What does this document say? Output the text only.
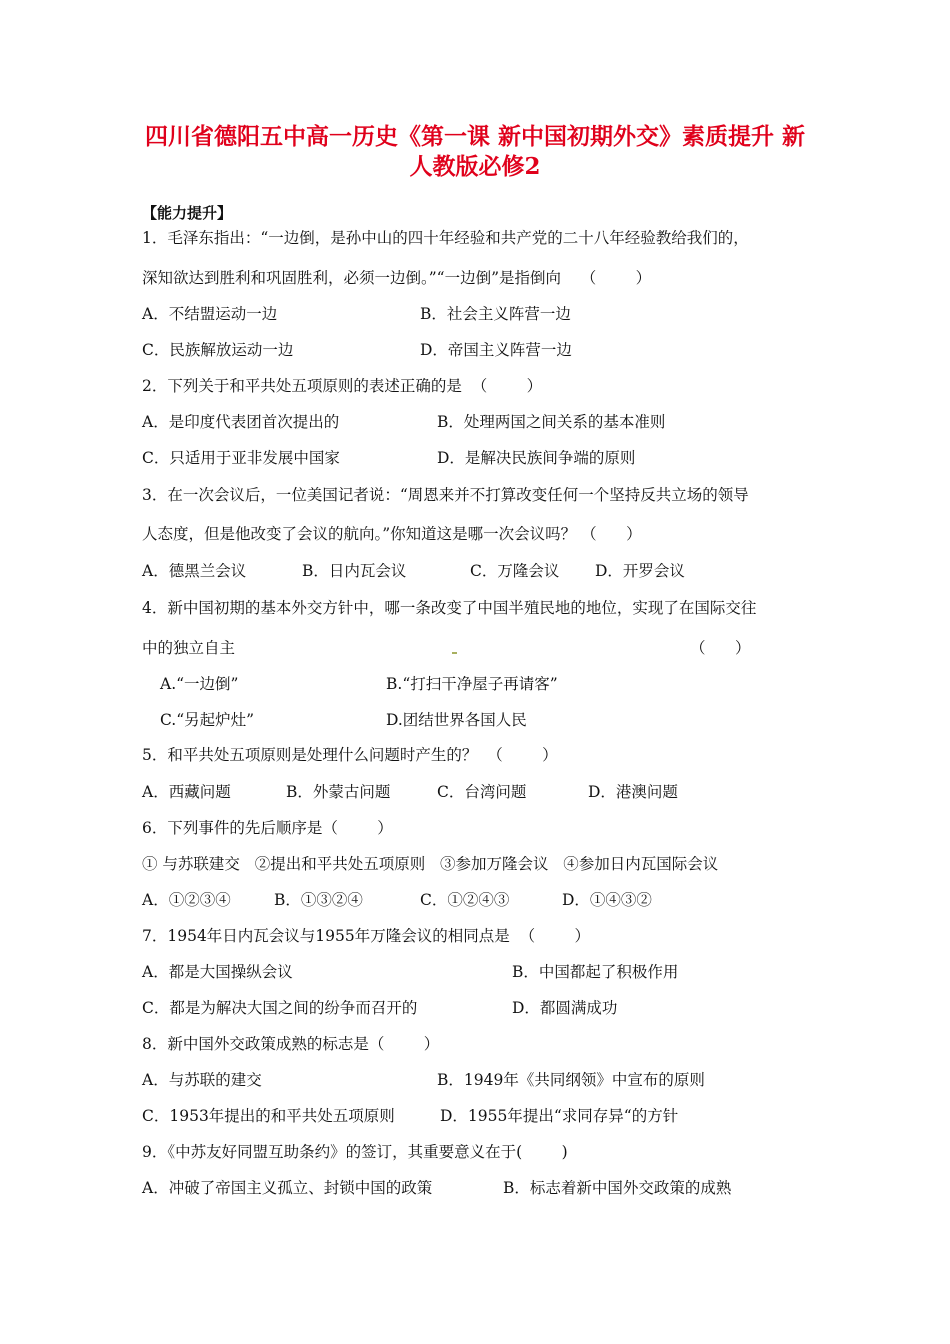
四川省德阳五中高一历史《第一课 新中国初期外交》素质提升 新
人教版必修2
【能力提升】
1．毛泽东指出：“一边倒，是孙中山的四十年经验和共产党的二十八年经验教给我们的，
深知欲达到胜利和巩固胜利，必须一边倒。”“一边倒”是指倒向    （        ）
A．不结盟运动一边	B．社会主义阵营一边
C．民族解放运动一边	D．帝国主义阵营一边
2．下列关于和平共处五项原则的表述正确的是  （        ）
A．是印度代表团首次提出的	B．处理两国之间关系的基本准则
C．只适用于亚非发展中国家	D．是解决民族间争端的原则
3．在一次会议后，一位美国记者说：“周恩来并不打算改变任何一个坚持反共立场的领导
人态度，但是他改变了会议的航向。”你知道这是哪一次会议吗？ （      ）
A．德黑兰会议	B．日内瓦会议	C．万隆会议 D．开罗会议
4．新中国初期的基本外交方针中，哪一条改变了中国半殖民地的地位，实现了在国际交往
中的独立自主	（      ）
A.“一边倒”	B.“打扫干净屋子再请客”
C.“另起炉灶”	D.团结世界各国人民
5．和平共处五项原则是处理什么问题时产生的？  （        ）
A．西藏问题	B．外蒙古问题	C．台湾问题	D．港澳问题
6．下列事件的先后顺序是（        ）
① 与苏联建交   ②提出和平共处五项原则   ③参加万隆会议   ④参加日内瓦国际会议
A．①②③④	B．①③②④	C．①②④③	D．①④③②
7．1954年日内瓦会议与1955年万隆会议的相同点是  （        ）
A．都是大国操纵会议	B．中国都起了积极作用
C．都是为解决大国之间的纷争而召开的	D．都圆满成功
8．新中国外交政策成熟的标志是（        ）
A．与苏联的建交	B．1949年《共同纲领》中宣布的原则
C．1953年提出的和平共处五项原则	D．1955年提出“求同存异“的方针
9．《中苏友好同盟互助条约》的签订，其重要意义在于(        )
A．冲破了帝国主义孤立、封锁中国的政策	B．标志着新中国外交政策的成熟
